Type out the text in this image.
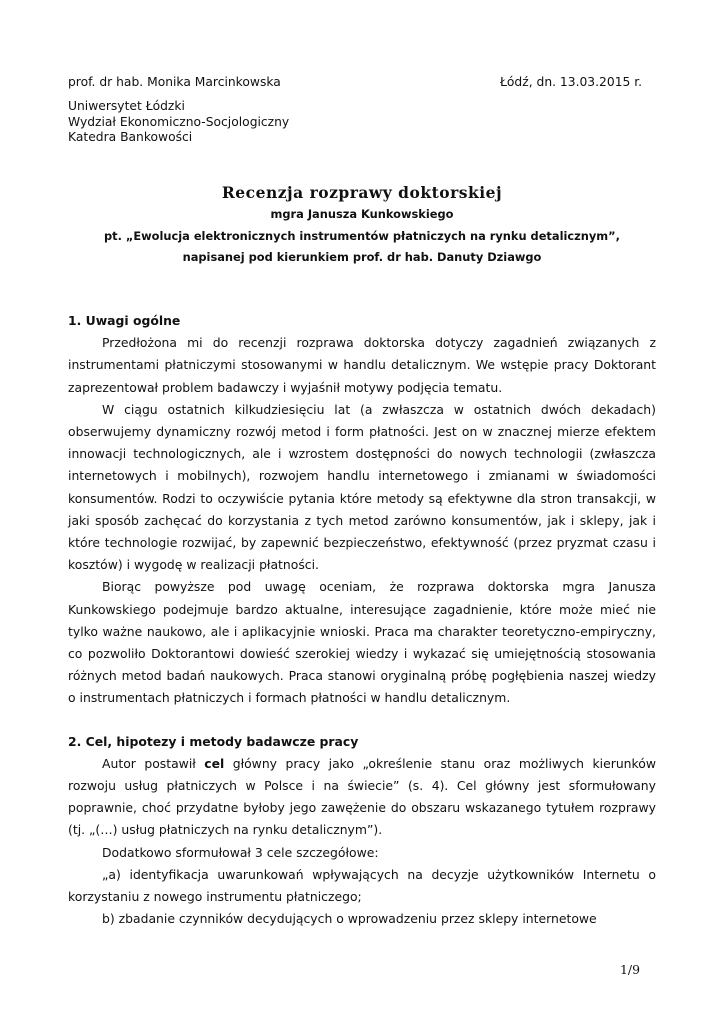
prof. dr hab. Monika Marcinkowska	Łódź, dn. 13.03.2015 r.
Uniwersytet Łódzki
Wydział Ekonomiczno-Socjologiczny
Katedra Bankowości
Recenzja rozprawy doktorskiej
mgra Janusza Kunkowskiego
pt. „Ewolucja elektronicznych instrumentów płatniczych na rynku detalicznym”,
napisanej pod kierunkiem prof. dr hab. Danuty Dziawgo
1. Uwagi ogólne

Przedłożona mi do recenzji rozprawa doktorska dotyczy zagadnień związanych z instrumentami płatniczymi stosowanymi w handlu detalicznym. We wstępie pracy Doktorant zaprezentował problem badawczy i wyjaśnił motywy podjęcia tematu.

W ciągu ostatnich kilkudziesięciu lat (a zwłaszcza w ostatnich dwóch dekadach) obserwujemy dynamiczny rozwój metod i form płatności. Jest on w znacznej mierze efektem innowacji technologicznych, ale i wzrostem dostępności do nowych technologii (zwłaszcza internetowych i mobilnych), rozwojem handlu internetowego i zmianami w świadomości konsumentów. Rodzi to oczywiście pytania które metody są efektywne dla stron transakcji, w jaki sposób zachęcać do korzystania z tych metod zarówno konsumentów, jak i sklepy, jak i które technologie rozwijać, by zapewnić bezpieczeństwo, efektywność (przez pryzmat czasu i kosztów) i wygodę w realizacji płatności.

Biorąc powyższe pod uwagę oceniam, że rozprawa doktorska mgra Janusza Kunkowskiego podejmuje bardzo aktualne, interesujące zagadnienie, które może mieć nie tylko ważne naukowo, ale i aplikacyjnie wnioski. Praca ma charakter teoretyczno-empiryczny, co pozwoliło Doktorantowi dowieść szerokiej wiedzy i wykazać się umiejętnością stosowania różnych metod badań naukowych. Praca stanowi oryginalną próbę pogłębienia naszej wiedzy o instrumentach płatniczych i formach płatności w handlu detalicznym.

2. Cel, hipotezy i metody badawcze pracy

Autor postawił cel główny pracy jako „określenie stanu oraz możliwych kierunków rozwoju usług płatniczych w Polsce i na świecie” (s. 4). Cel główny jest sformułowany poprawnie, choć przydatne byłoby jego zawężenie do obszaru wskazanego tytułem rozprawy (tj. „(…) usług płatniczych na rynku detalicznym”).

Dodatkowo sformułował 3 cele szczegółowe:

„a) identyfikacja uwarunkowań wpływających na decyzje użytkowników Internetu o korzystaniu z nowego instrumentu płatniczego;

b) zbadanie czynników decydujących o wprowadzeniu przez sklepy internetowe

1/9
